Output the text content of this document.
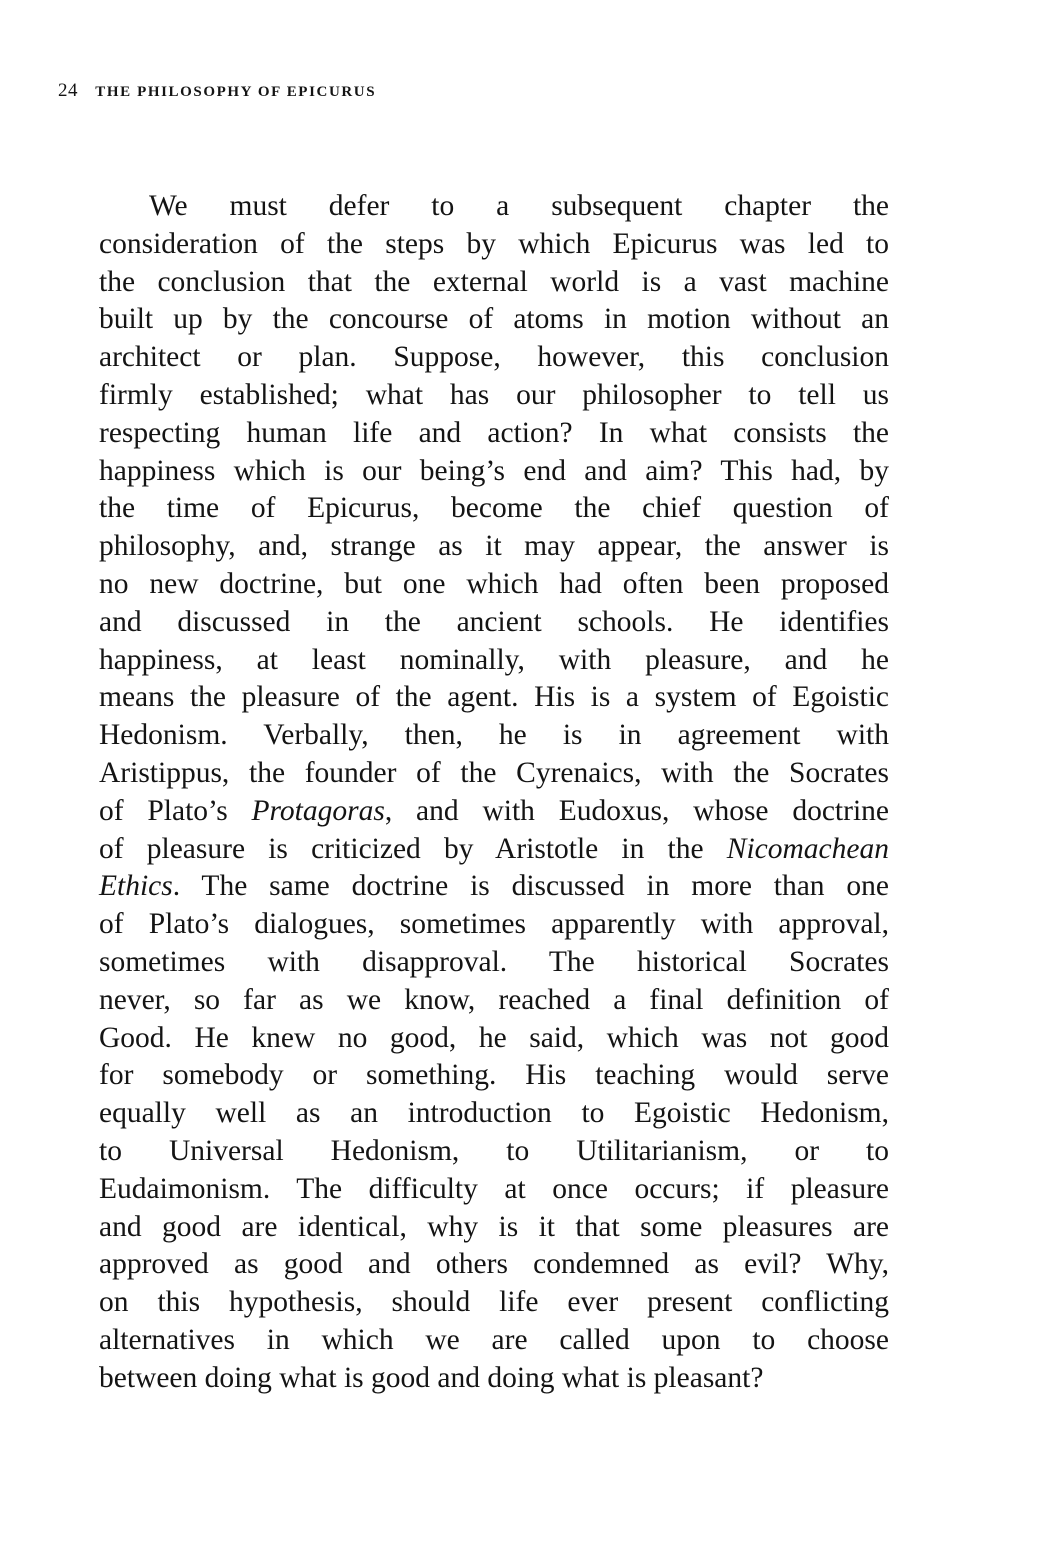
24 THE PHILOSOPHY OF EPICURUS
We must defer to a subsequent chapter the
consideration of the steps by which Epicurus was led to
the conclusion that the external world is a vast machine
built up by the concourse of atoms in motion without an
architect or plan. Suppose, however, this conclusion
firmly established; what has our philosopher to tell us
respecting human life and action? In what consists the
happiness which is our being’s end and aim? This had, by
the time of Epicurus, become the chief question of
philosophy, and, strange as it may appear, the answer is
no new doctrine, but one which had often been proposed
and discussed in the ancient schools. He identifies
happiness, at least nominally, with pleasure, and he
means the pleasure of the agent. His is a system of Egoistic
Hedonism. Verbally, then, he is in agreement with
Aristippus, the founder of the Cyrenaics, with the Socrates
of Plato’s Protagoras, and with Eudoxus, whose doctrine
of pleasure is criticized by Aristotle in the Nicomachean
Ethics. The same doctrine is discussed in more than one
of Plato’s dialogues, sometimes apparently with approval,
sometimes with disapproval. The historical Socrates
never, so far as we know, reached a final definition of
Good. He knew no good, he said, which was not good
for somebody or something. His teaching would serve
equally well as an introduction to Egoistic Hedonism,
to Universal Hedonism, to Utilitarianism, or to
Eudaimonism. The difficulty at once occurs; if pleasure
and good are identical, why is it that some pleasures are
approved as good and others condemned as evil? Why,
on this hypothesis, should life ever present conflicting
alternatives in which we are called upon to choose
between doing what is good and doing what is pleasant?
